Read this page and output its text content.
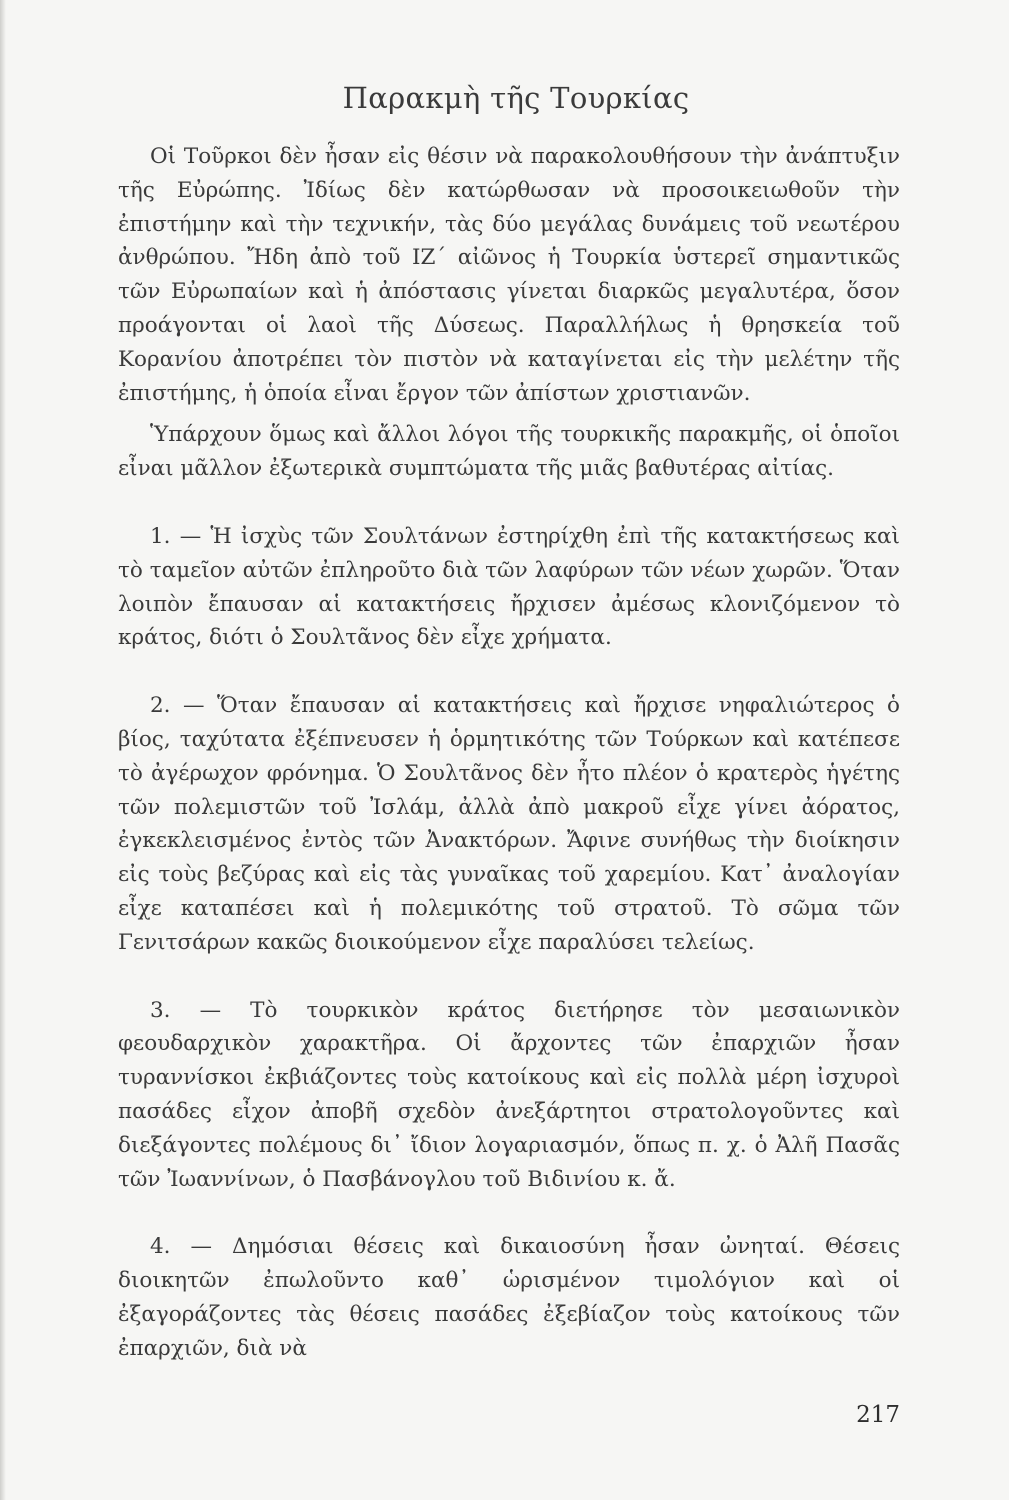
Παρακμὴ τῆς Τουρκίας

Οἱ Τοῦρκοι δὲν ἦσαν εἰς θέσιν νὰ παρακολουθήσουν τὴν ἀνάπτυξιν τῆς Εὐρώπης. Ἰδίως δὲν κατώρθωσαν νὰ προσοικειωθοῦν τὴν ἐπιστήμην καὶ τὴν τεχνικήν, τὰς δύο μεγάλας δυνάμεις τοῦ νεωτέρου ἀνθρώπου. Ἤδη ἀπὸ τοῦ ΙΖ΄ αἰῶνος ἡ Τουρκία ὑστερεῖ σημαντικῶς τῶν Εὐρωπαίων καὶ ἡ ἀπόστασις γίνεται διαρκῶς μεγαλυτέρα, ὅσον προάγονται οἱ λαοὶ τῆς Δύσεως. Παραλλήλως ἡ θρησκεία τοῦ Κορανίου ἀποτρέπει τὸν πιστὸν νὰ καταγίνεται εἰς τὴν μελέτην τῆς ἐπιστήμης, ἡ ὁποία εἶναι ἔργον τῶν ἀπίστων χριστιανῶν.

Ὑπάρχουν ὅμως καὶ ἄλλοι λόγοι τῆς τουρκικῆς παρακμῆς, οἱ ὁποῖοι εἶναι μᾶλλον ἐξωτερικὰ συμπτώματα τῆς μιᾶς βαθυτέρας αἰτίας.

1. — Ἡ ἰσχὺς τῶν Σουλτάνων ἐστηρίχθη ἐπὶ τῆς κατακτήσεως καὶ τὸ ταμεῖον αὐτῶν ἐπληροῦτο διὰ τῶν λαφύρων τῶν νέων χωρῶν. Ὅταν λοιπὸν ἔπαυσαν αἱ κατακτήσεις ἤρχισεν ἀμέσως κλονιζόμενον τὸ κράτος, διότι ὁ Σουλτᾶνος δὲν εἶχε χρήματα.

2. — Ὅταν ἔπαυσαν αἱ κατακτήσεις καὶ ἤρχισε νηφαλιώτερος ὁ βίος, ταχύτατα ἐξέπνευσεν ἡ ὁρμητικότης τῶν Τούρκων καὶ κατέπεσε τὸ ἀγέρωχον φρόνημα. Ὁ Σουλτᾶνος δὲν ἦτο πλέον ὁ κρατερὸς ἡγέτης τῶν πολεμιστῶν τοῦ Ἰσλάμ, ἀλλὰ ἀπὸ μακροῦ εἶχε γίνει ἀόρατος, ἐγκεκλεισμένος ἐντὸς τῶν Ἀνακτόρων. Ἄφινε συνήθως τὴν διοίκησιν εἰς τοὺς βεζύρας καὶ εἰς τὰς γυναῖκας τοῦ χαρεμίου. Κατ᾽ ἀναλογίαν εἶχε καταπέσει καὶ ἡ πολεμικότης τοῦ στρατοῦ. Τὸ σῶμα τῶν Γενιτσάρων κακῶς διοικούμενον εἶχε παραλύσει τελείως.

3. — Τὸ τουρκικὸν κράτος διετήρησε τὸν μεσαιωνικὸν φεουδαρχικὸν χαρακτῆρα. Οἱ ἄρχοντες τῶν ἐπαρχιῶν ἦσαν τυραννίσκοι ἐκβιάζοντες τοὺς κατοίκους καὶ εἰς πολλὰ μέρη ἰσχυροὶ πασάδες εἶχον ἀποβῆ σχεδὸν ἀνεξάρτητοι στρατολογοῦντες καὶ διεξάγοντες πολέμους δι᾽ ἴδιον λογαριασμόν, ὅπως π. χ. ὁ Ἀλῆ Πασᾶς τῶν Ἰωαννίνων, ὁ Πασβάνογλου τοῦ Βιδινίου κ. ἄ.

4. — Δημόσιαι θέσεις καὶ δικαιοσύνη ἦσαν ὠνηταί. Θέσεις διοικητῶν ἐπωλοῦντο καθ᾽ ὡρισμένον τιμολόγιον καὶ οἱ ἐξαγοράζοντες τὰς θέσεις πασάδες ἐξεβίαζον τοὺς κατοίκους τῶν ἐπαρχιῶν, διὰ νὰ

217
